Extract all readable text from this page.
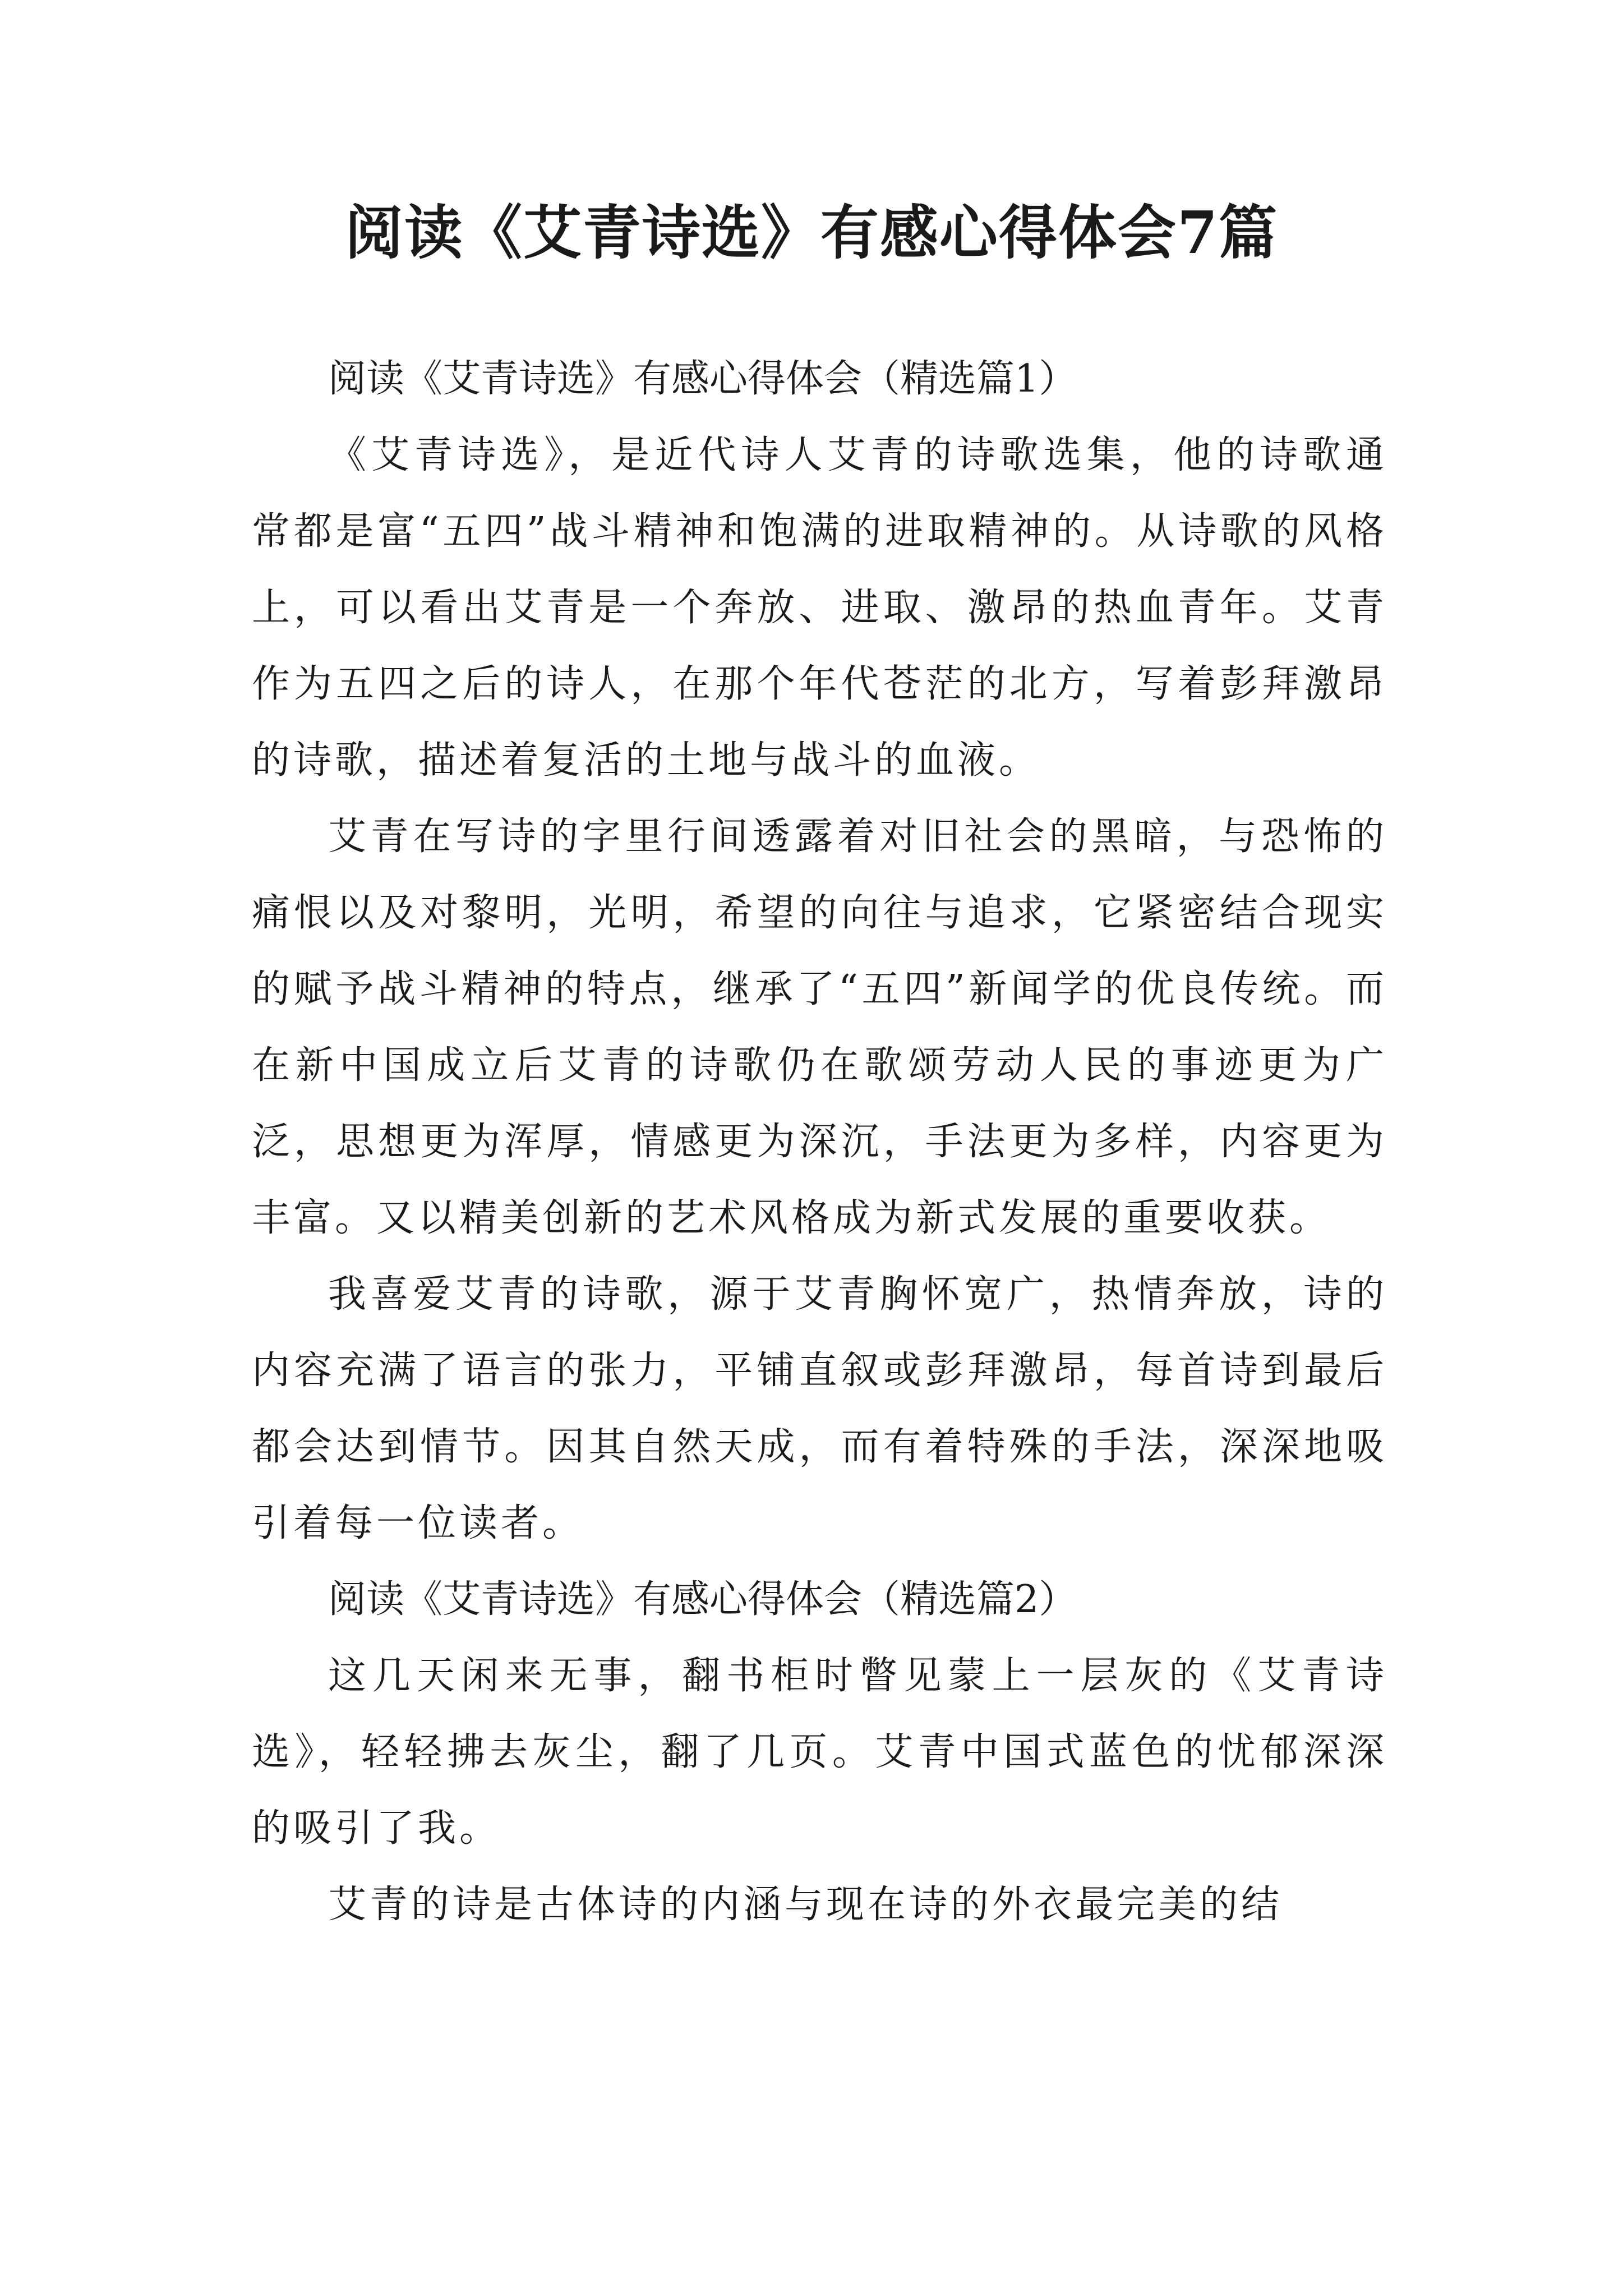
阅读《艾青诗选》有感心得体会7篇

阅读《艾青诗选》有感心得体会（精选篇1）

《艾青诗选》，是近代诗人艾青的诗歌选集，他的诗歌通常都是富“五四”战斗精神和饱满的进取精神的。从诗歌的风格上，可以看出艾青是一个奔放、进取、激昂的热血青年。艾青作为五四之后的诗人，在那个年代苍茫的北方，写着彭拜激昂的诗歌，描述着复活的土地与战斗的血液。

艾青在写诗的字里行间透露着对旧社会的黑暗，与恐怖的痛恨以及对黎明，光明，希望的向往与追求，它紧密结合现实的赋予战斗精神的特点，继承了“五四”新闻学的优良传统。而在新中国成立后艾青的诗歌仍在歌颂劳动人民的事迹更为广泛，思想更为浑厚，情感更为深沉，手法更为多样，内容更为丰富。又以精美创新的艺术风格成为新式发展的重要收获。

我喜爱艾青的诗歌，源于艾青胸怀宽广，热情奔放，诗的内容充满了语言的张力，平铺直叙或彭拜激昂，每首诗到最后都会达到情节。因其自然天成，而有着特殊的手法，深深地吸引着每一位读者。

阅读《艾青诗选》有感心得体会（精选篇2）

这几天闲来无事，翻书柜时瞥见蒙上一层灰的《艾青诗选》，轻轻拂去灰尘，翻了几页。艾青中国式蓝色的忧郁深深的吸引了我。

艾青的诗是古体诗的内涵与现在诗的外衣最完美的结
